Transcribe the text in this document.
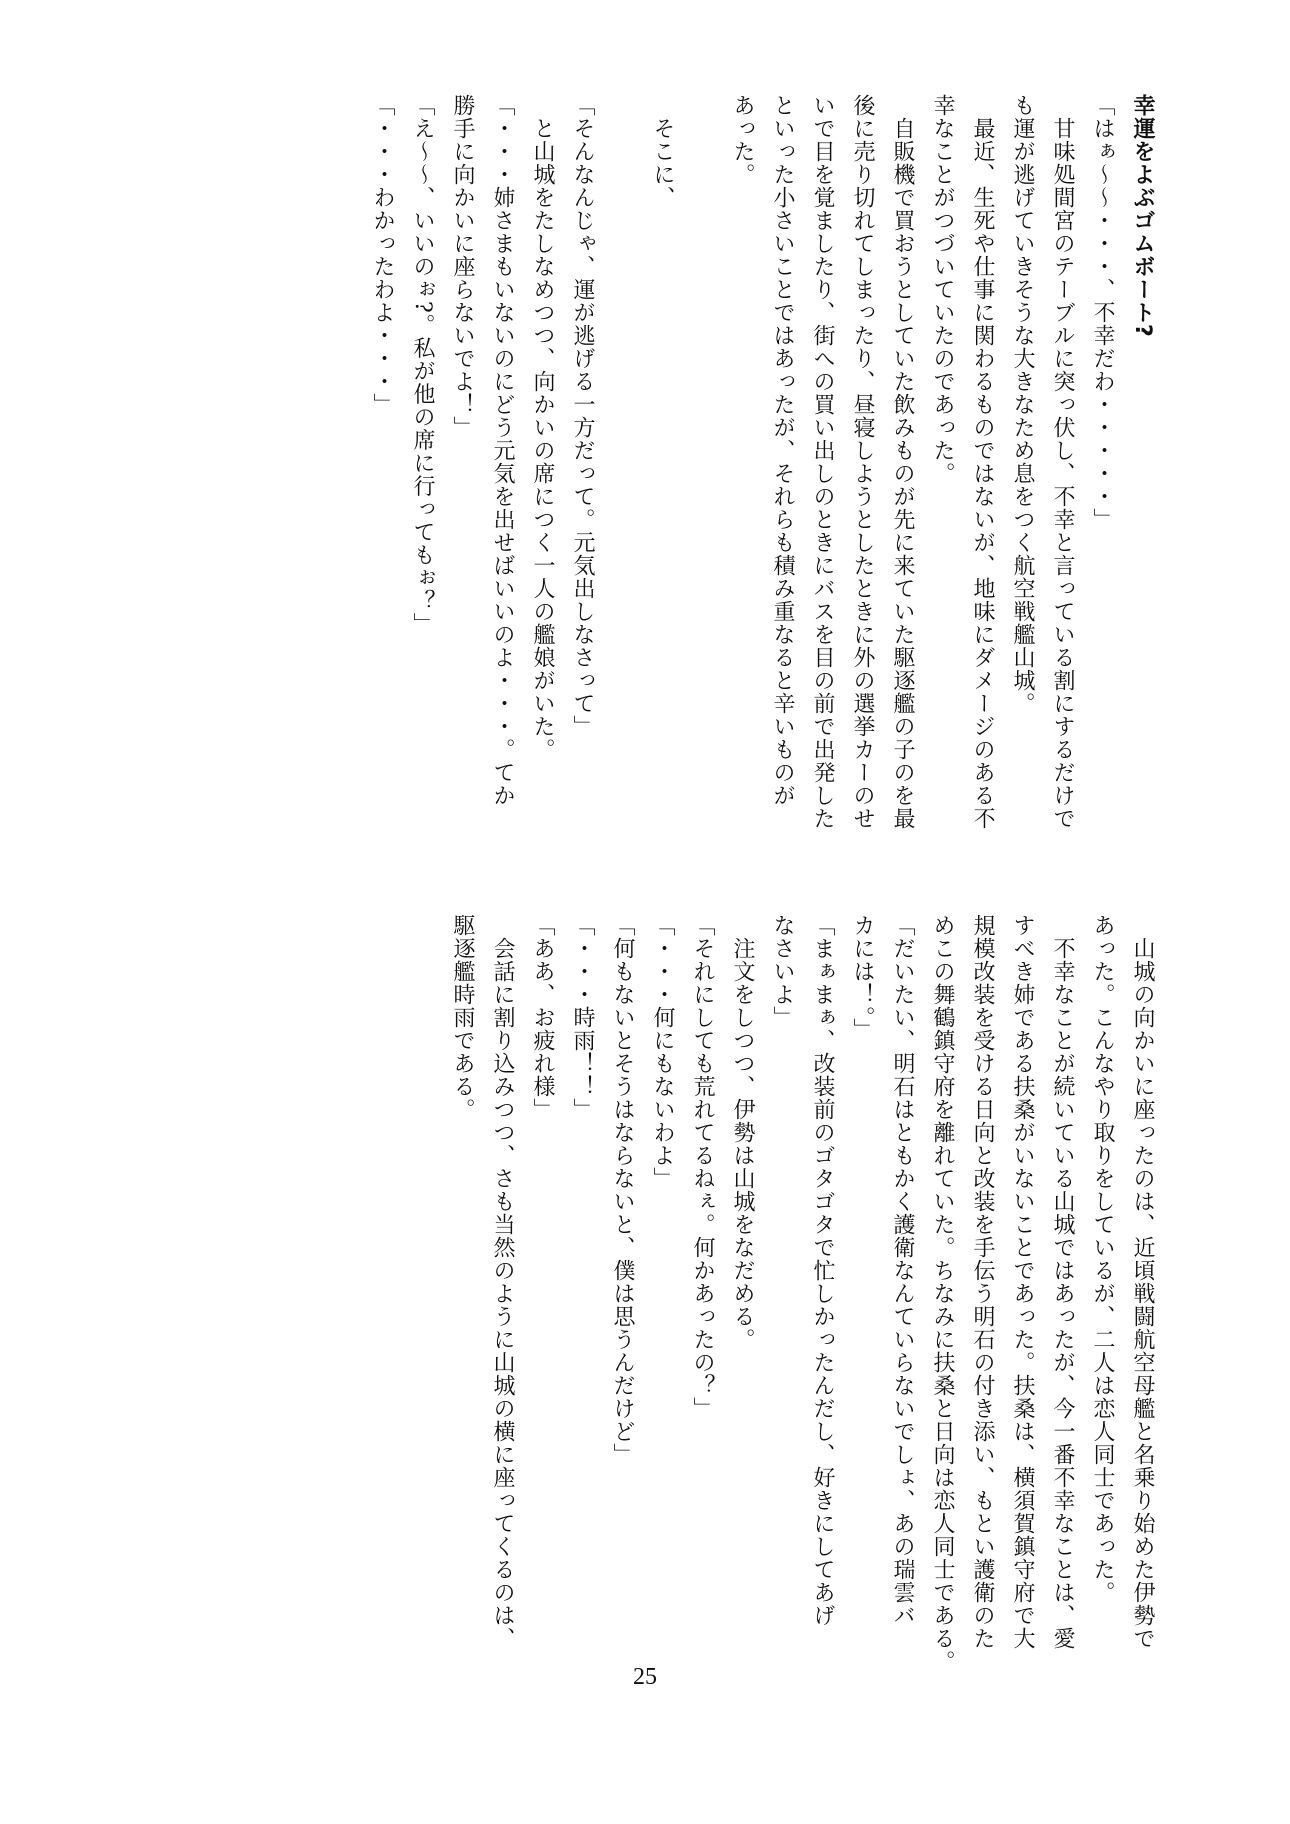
幸運をよぶゴムボート?
「はぁ～～・・・、不幸だわ・・・・・」
　甘味処間宮のテーブルに突っ伏し、不幸と言っている割にするだけで
も運が逃げていきそうな大きなため息をつく航空戦艦山城。
　最近、生死や仕事に関わるものではないが、地味にダメージのある不
幸なことがつづいていたのであった。
　自販機で買おうとしていた飲みものが先に来ていた駆逐艦の子のを最
後に売り切れてしまったり、昼寝しようとしたときに外の選挙カーのせ
いで目を覚ましたり、街への買い出しのときにバスを目の前で出発した
といった小さいことではあったが、それらも積み重なると辛いものが
あった。

　そこに、

「そんなんじゃ、運が逃げる一方だって。元気出しなさって」
　と山城をたしなめつつ、向かいの席につく一人の艦娘がいた。
「・・・姉さまもいないのにどう元気を出せばいいのよ・・・。てか
勝手に向かいに座らないでよ！」
「え～～、いいのぉ?。私が他の席に行ってもぉ？」
「・・・わかったわよ・・・」
　山城の向かいに座ったのは、近頃戦闘航空母艦と名乗り始めた伊勢で
あった。こんなやり取りをしているが、二人は恋人同士であった。
　不幸なことが続いている山城ではあったが、今一番不幸なことは、愛
すべき姉である扶桑がいないことであった。扶桑は、横須賀鎮守府で大
規模改装を受ける日向と改装を手伝う明石の付き添い、もとい護衛のた
めこの舞鶴鎮守府を離れていた。ちなみに扶桑と日向は恋人同士である。
「だいたい、明石はともかく護衛なんていらないでしょ、あの瑞雲バ
カには！。」
「まぁまぁ、改装前のゴタゴタで忙しかったんだし、好きにしてあげ
なさいよ」
　注文をしつつ、伊勢は山城をなだめる。
「それにしても荒れてるねぇ。何かあったの？」
「・・・何にもないわよ」
「何もないとそうはならないと、僕は思うんだけど」
「・・・時雨！！」
「ああ、お疲れ様」
　会話に割り込みつつ、さも当然のように山城の横に座ってくるのは、
駆逐艦時雨である。
25
